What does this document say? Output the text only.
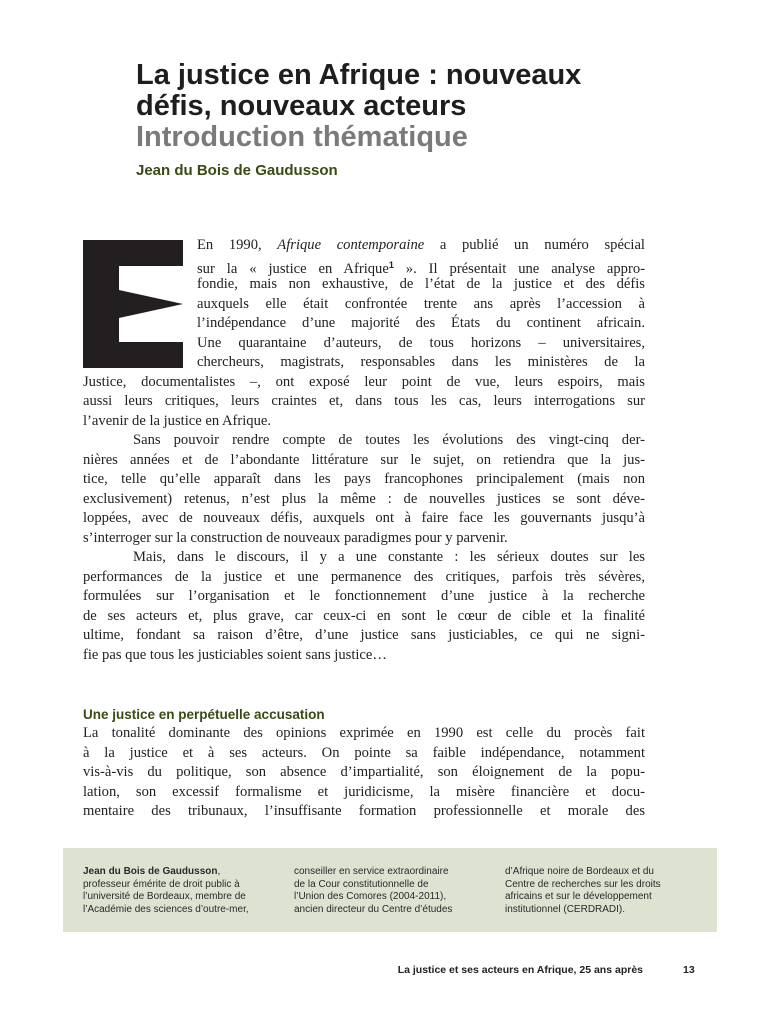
La justice en Afrique : nouveaux
défis, nouveaux acteurs
Introduction thématique
Jean du Bois de Gaudusson
En 1990, Afrique contemporaine a publié un numéro spécial
sur la « justice en Afrique$^1$ ». Il présentait une analyse appro-
fondie, mais non exhaustive, de l’état de la justice et des défis
auxquels elle était confrontée trente ans après l’accession à
l’indépendance d’une majorité des États du continent africain.
Une quarantaine d’auteurs, de tous horizons – universitaires,
chercheurs, magistrats, responsables dans les ministères de la
Justice, documentalistes –, ont exposé leur point de vue, leurs espoirs, mais
aussi leurs critiques, leurs craintes et, dans tous les cas, leurs interrogations sur
l’avenir de la justice en Afrique.
Sans pouvoir rendre compte de toutes les évolutions des vingt-cinq der-
nières années et de l’abondante littérature sur le sujet, on retiendra que la jus-
tice, telle qu’elle apparaît dans les pays francophones principalement (mais non
exclusivement) retenus, n’est plus la même : de nouvelles justices se sont déve-
loppées, avec de nouveaux défis, auxquels ont à faire face les gouvernants jusqu’à
s’interroger sur la construction de nouveaux paradigmes pour y parvenir.
Mais, dans le discours, il y a une constante : les sérieux doutes sur les
performances de la justice et une permanence des critiques, parfois très sévères,
formulées sur l’organisation et le fonctionnement d’une justice à la recherche
de ses acteurs et, plus grave, car ceux-ci en sont le cœur de cible et la finalité
ultime, fondant sa raison d’être, d’une justice sans justiciables, ce qui ne signi-
fie pas que tous les justiciables soient sans justice…
La tonalité dominante des opinions exprimée en 1990 est celle du procès fait
à la justice et à ses acteurs. On pointe sa faible indépendance, notamment
vis-à-vis du politique, son absence d’impartialité, son éloignement de la popu-
lation, son excessif formalisme et juridicisme, la misère financière et docu-
mentaire des tribunaux, l’insuffisante formation professionnelle et morale des
Une justice en perpétuelle accusation
Jean du Bois de Gaudusson,
professeur émérite de droit public à
l’université de Bordeaux, membre de
l’Académie des sciences d’outre-mer,
conseiller en service extraordinaire
de la Cour constitutionnelle de
l’Union des Comores (2004-2011),
ancien directeur du Centre d’études
d’Afrique noire de Bordeaux et du
Centre de recherches sur les droits
africains et sur le développement
institutionnel (CERDRADI).
La justice et ses acteurs en Afrique, 25 ans après	13
